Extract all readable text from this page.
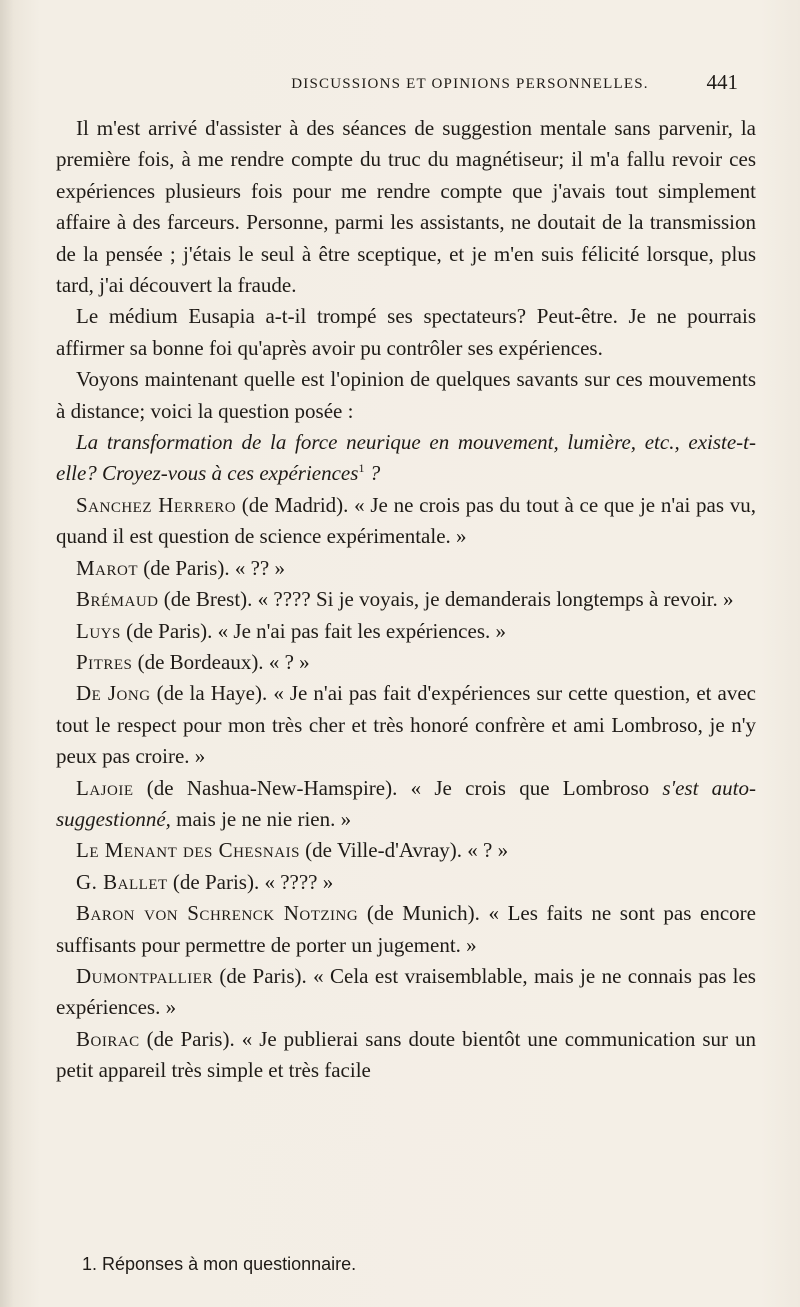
DISCUSSIONS ET OPINIONS PERSONNELLES.	441

Il m'est arrivé d'assister à des séances de suggestion mentale sans parvenir, la première fois, à me rendre compte du truc du magnétiseur; il m'a fallu revoir ces expériences plusieurs fois pour me rendre compte que j'avais tout simplement affaire à des farceurs. Personne, parmi les assistants, ne doutait de la transmission de la pensée ; j'étais le seul à être sceptique, et je m'en suis félicité lorsque, plus tard, j'ai découvert la fraude.

Le médium Eusapia a-t-il trompé ses spectateurs? Peut-être. Je ne pourrais affirmer sa bonne foi qu'après avoir pu contrôler ses expériences.

Voyons maintenant quelle est l'opinion de quelques savants sur ces mouvements à distance; voici la question posée :

La transformation de la force neurique en mouvement, lumière, etc., existe-t-elle? Croyez-vous à ces expériences$^1$ ?

Sanchez Herrero (de Madrid). « Je ne crois pas du tout à ce que je n'ai pas vu, quand il est question de science expérimentale. »

Marot (de Paris). « ?? »

Brémaud (de Brest). « ???? Si je voyais, je demanderais longtemps à revoir. »

Luys (de Paris). « Je n'ai pas fait les expériences. »

Pitres (de Bordeaux). « ? »

De Jong (de la Haye). « Je n'ai pas fait d'expériences sur cette question, et avec tout le respect pour mon très cher et très honoré confrère et ami Lombroso, je n'y peux pas croire. »

Lajoie (de Nashua-New-Hamspire). « Je crois que Lombroso s'est auto-suggestionné, mais je ne nie rien. »

Le Menant des Chesnais (de Ville-d'Avray). « ? »

G. Ballet (de Paris). « ???? »

Baron von Schrenck Notzing (de Munich). « Les faits ne sont pas encore suffisants pour permettre de porter un jugement. »

Dumontpallier (de Paris). « Cela est vraisemblable, mais je ne connais pas les expériences. »

Boirac (de Paris). « Je publierai sans doute bientôt une communication sur un petit appareil très simple et très facile

1. Réponses à mon questionnaire.
